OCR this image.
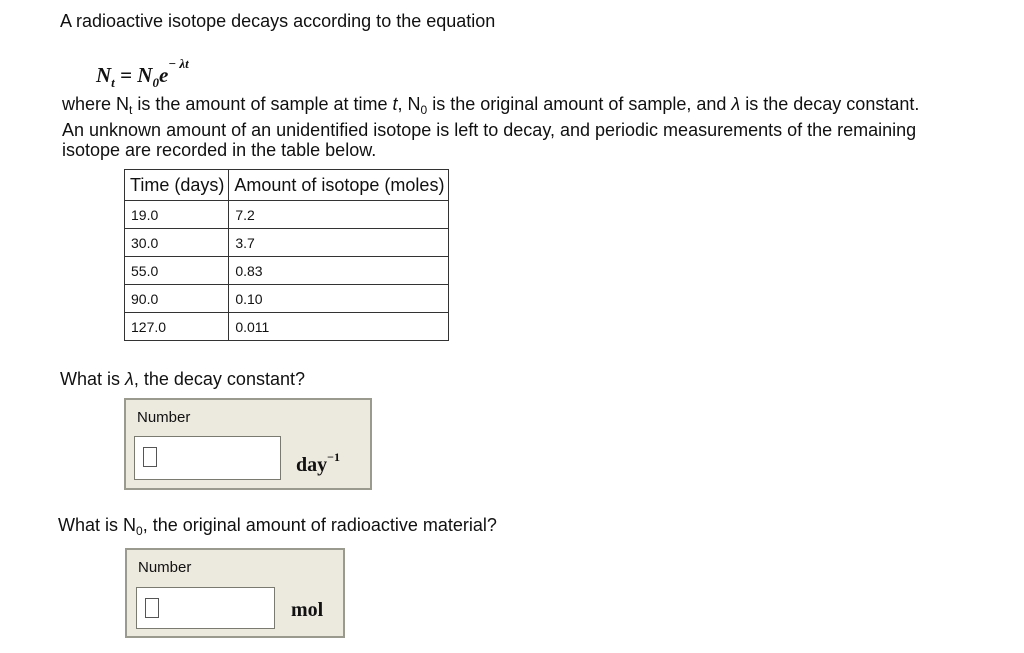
A radioactive isotope decays according to the equation
$N_t = N_0e^{- \lambda t}$
where $N_t$ is the amount of sample at time t, $N_0$ is the original amount of sample, and λ is the decay constant.
An unknown amount of an unidentified isotope is left to decay, and periodic measurements of the remaining
isotope are recorded in the table below.
Time (days)	Amount of isotope (moles)
19.0	7.2
30.0	3.7
55.0	0.83
90.0	0.10
127.0	0.011
What is λ, the decay constant?
Number
day$^{-1}$
What is $N_0$, the original amount of radioactive material?
Number
mol
